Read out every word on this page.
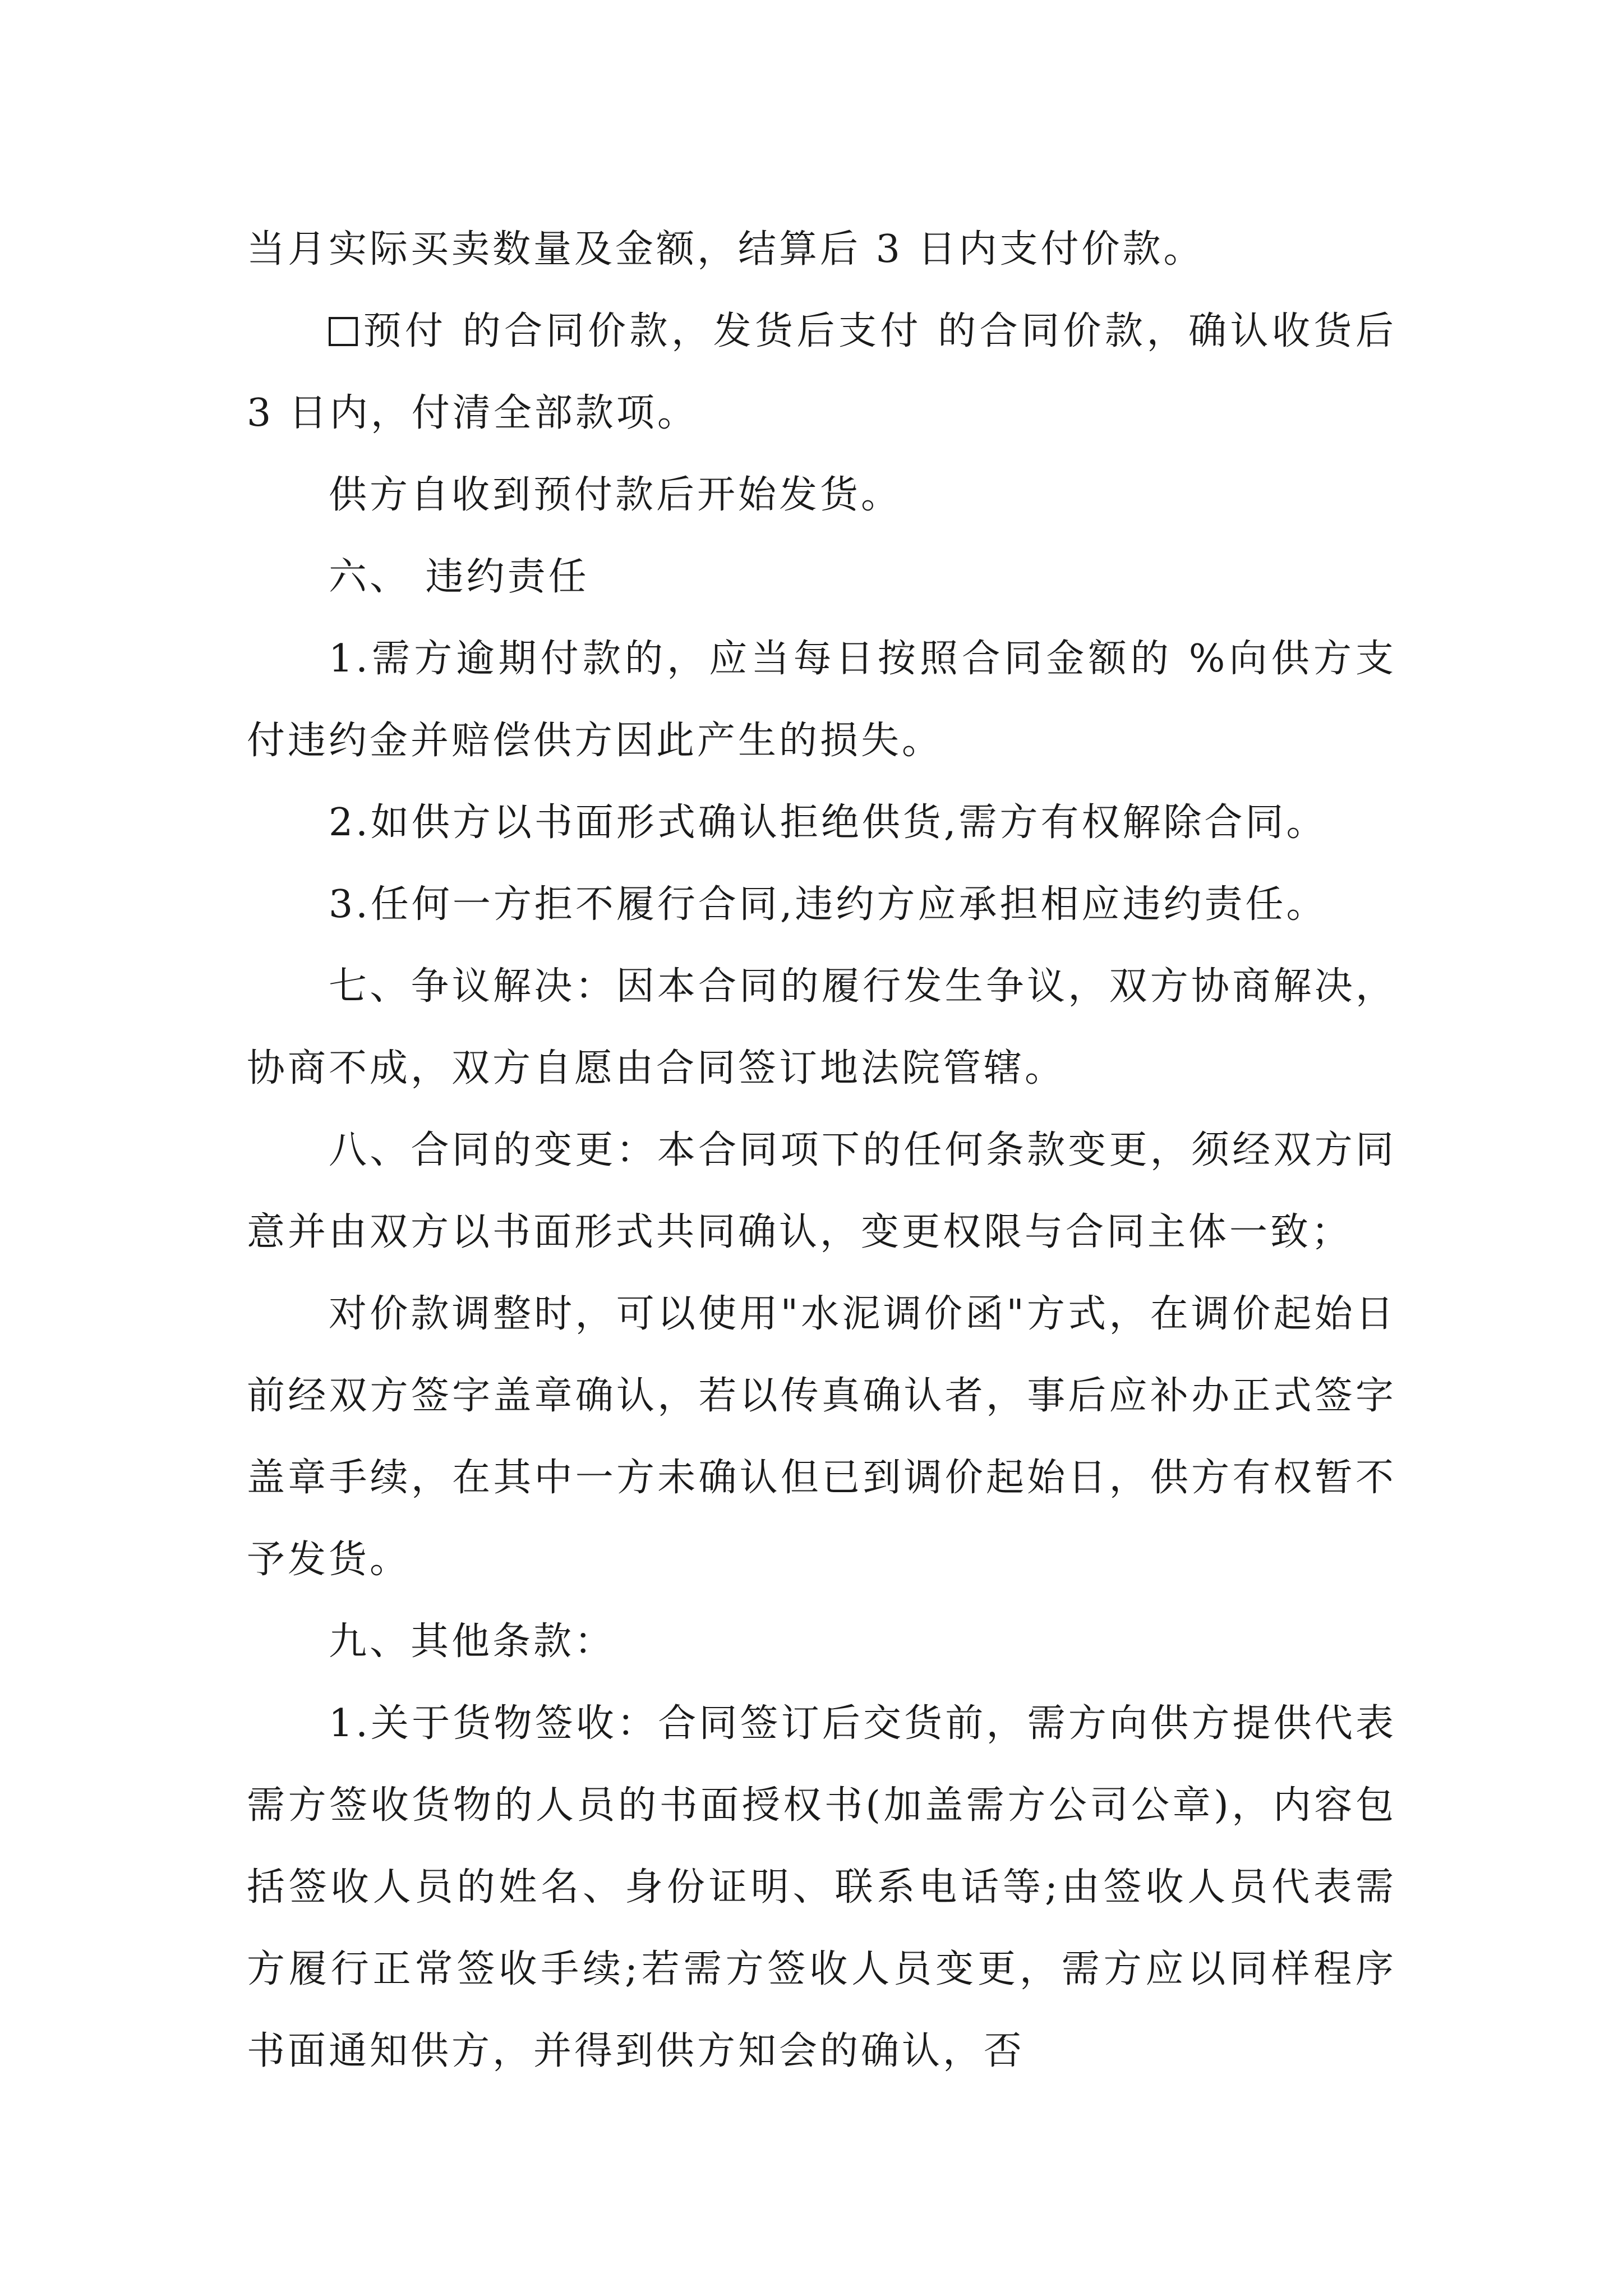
当月实际买卖数量及金额，结算后 3 日内支付价款。

预付 的合同价款，发货后支付 的合同价款，确认收货后 3 日内，付清全部款项。

供方自收到预付款后开始发货。

六、 违约责任

1.需方逾期付款的，应当每日按照合同金额的 %向供方支付违约金并赔偿供方因此产生的损失。

2.如供方以书面形式确认拒绝供货,需方有权解除合同。

3.任何一方拒不履行合同,违约方应承担相应违约责任。

七、争议解决：因本合同的履行发生争议，双方协商解决，协商不成，双方自愿由合同签订地法院管辖。

八、合同的变更：本合同项下的任何条款变更，须经双方同意并由双方以书面形式共同确认，变更权限与合同主体一致；

对价款调整时，可以使用"水泥调价函"方式，在调价起始日前经双方签字盖章确认，若以传真确认者，事后应补办正式签字盖章手续，在其中一方未确认但已到调价起始日，供方有权暂不予发货。

九、其他条款：

1.关于货物签收：合同签订后交货前，需方向供方提供代表需方签收货物的人员的书面授权书(加盖需方公司公章)，内容包括签收人员的姓名、身份证明、联系电话等;由签收人员代表需方履行正常签收手续;若需方签收人员变更，需方应以同样程序书面通知供方，并得到供方知会的确认，否
